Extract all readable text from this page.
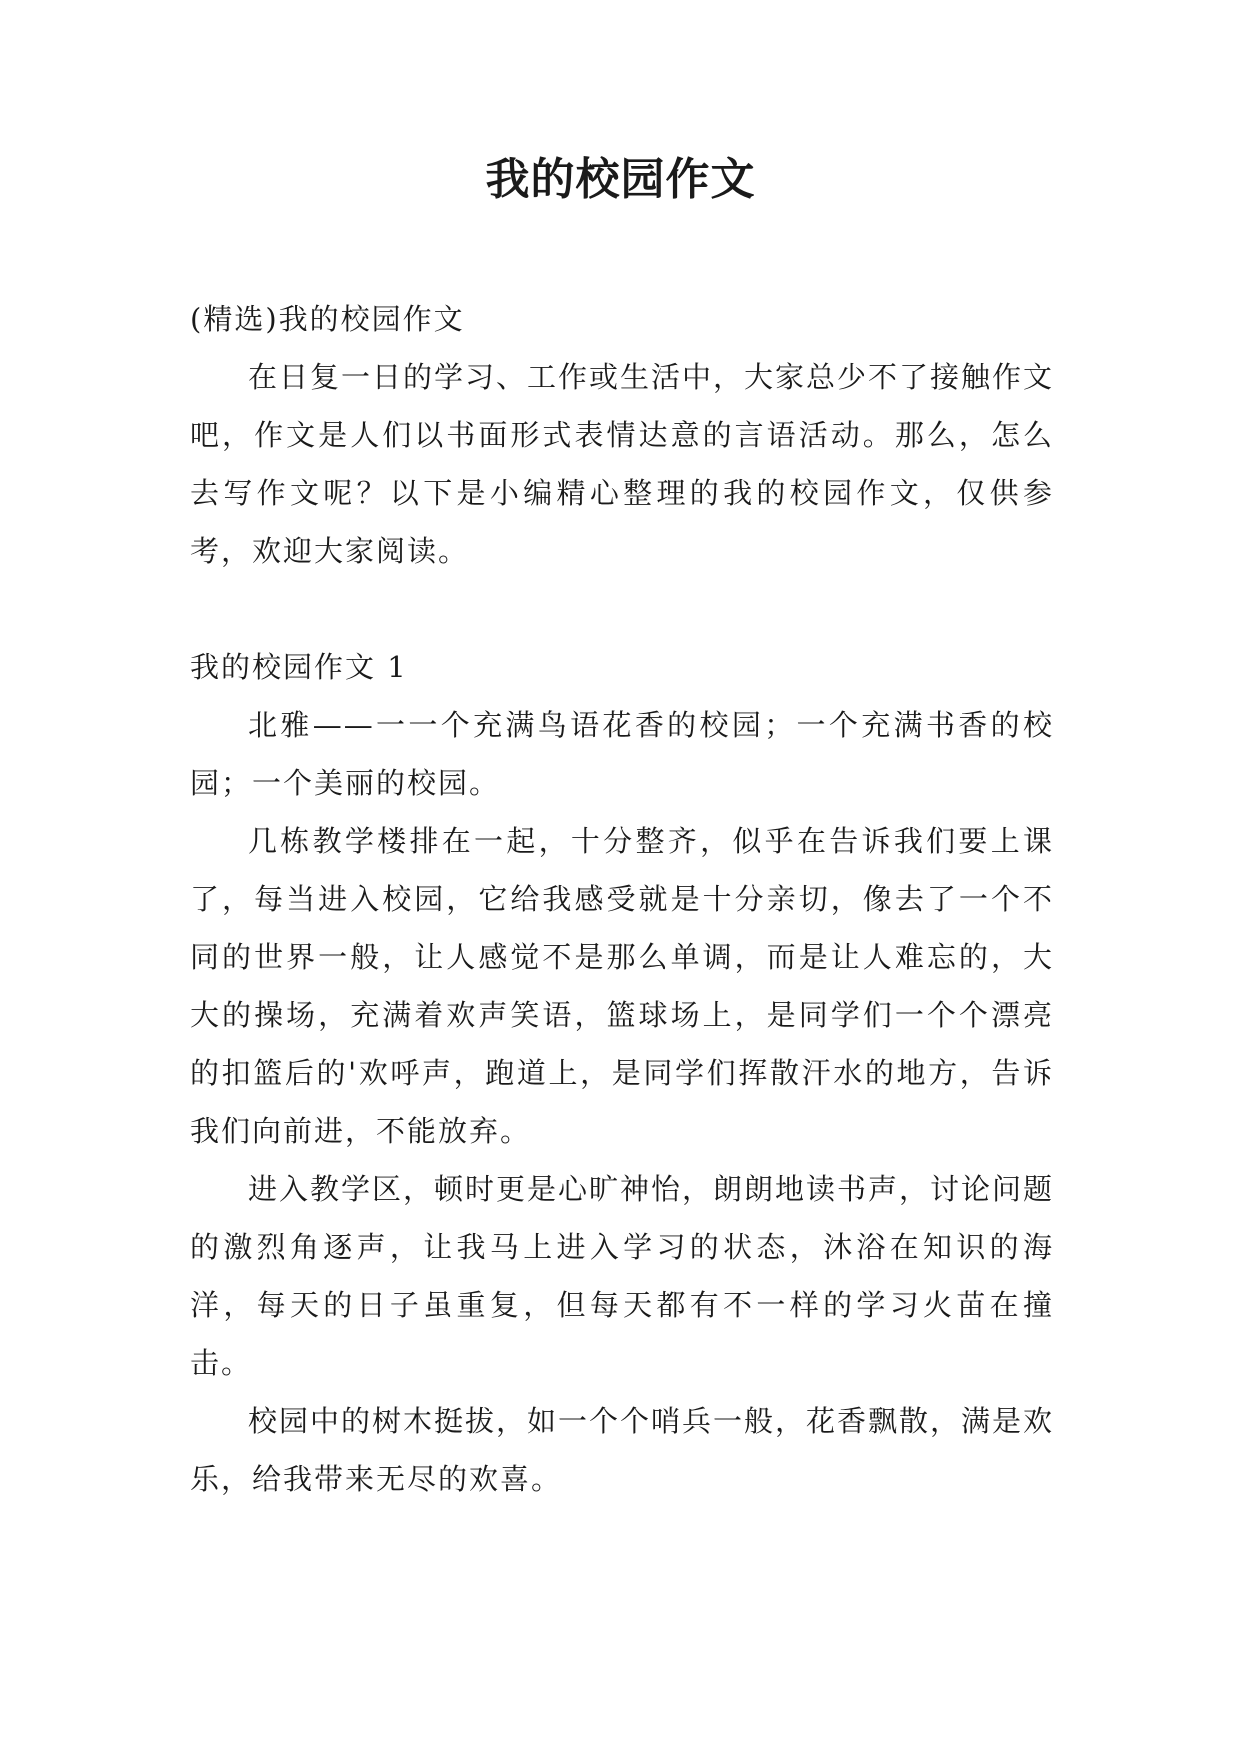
我的校园作文

(精选)我的校园作文

在日复一日的学习、工作或生活中，大家总少不了接触作文吧，作文是人们以书面形式表情达意的言语活动。那么，怎么去写作文呢？以下是小编精心整理的我的校园作文，仅供参考，欢迎大家阅读。

我的校园作文 1

北雅——一一个充满鸟语花香的校园；一个充满书香的校园；一个美丽的校园。

几栋教学楼排在一起，十分整齐，似乎在告诉我们要上课了，每当进入校园，它给我感受就是十分亲切，像去了一个不同的世界一般，让人感觉不是那么单调，而是让人难忘的，大大的操场，充满着欢声笑语，篮球场上，是同学们一个个漂亮的扣篮后的'欢呼声，跑道上，是同学们挥散汗水的地方，告诉我们向前进，不能放弃。

进入教学区，顿时更是心旷神怡，朗朗地读书声，讨论问题的激烈角逐声，让我马上进入学习的状态，沐浴在知识的海洋，每天的日子虽重复，但每天都有不一样的学习火苗在撞击。

校园中的树木挺拔，如一个个哨兵一般，花香飘散，满是欢乐，给我带来无尽的欢喜。
